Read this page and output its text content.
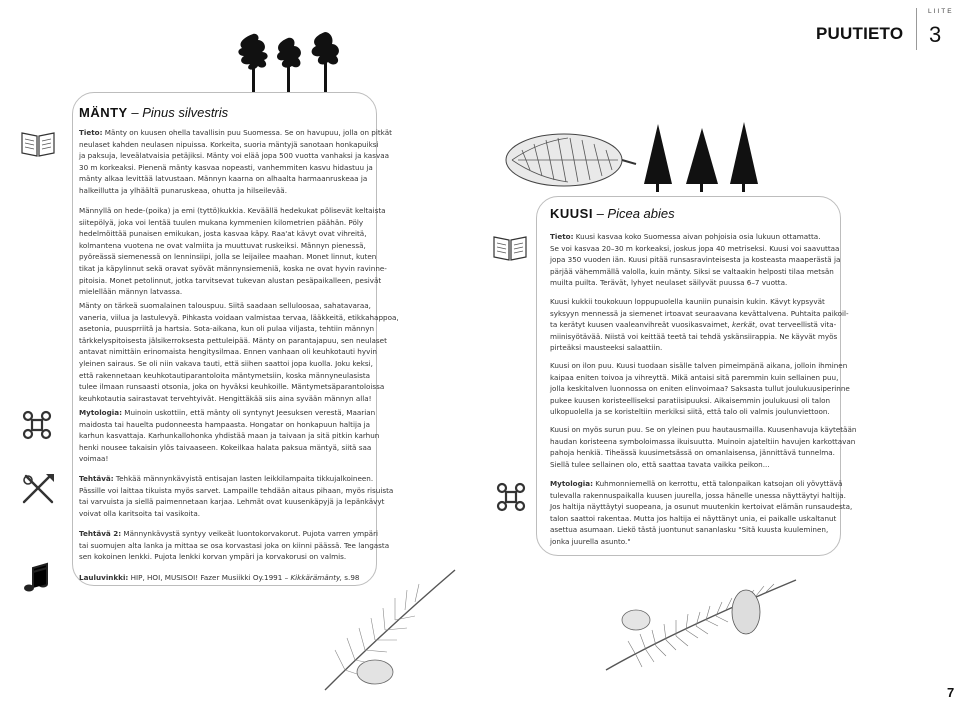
PUUTIETO
LIITE
3
MÄNTY – Pinus silvestris
Tieto: Mänty on kuusen ohella tavallisin puu Suomessa. Se on havupuu, jolla on pitkät
neulaset kahden neulasen nipuissa. Korkeita, suoria mäntyjä sanotaan honkapuiksi
ja paksuja, leveälatvaisia petäjiksi. Mänty voi elää jopa 500 vuotta vanhaksi ja kasvaa
30 m korkeaksi. Pienenä mänty kasvaa nopeasti, vanhemmiten kasvu hidastuu ja
mänty alkaa levittää latvustaan. Männyn kaarna on alhaalta harmaanruskeaa ja
halkeillutta ja ylhäältä punaruskeaa, ohutta ja hilseilevää.
Männyllä on hede-(poika) ja emi (tyttö)kukkia. Keväällä hedekukat pölisevät keltaista
siitepölyä, joka voi lentää tuulen mukana kymmenien kilometrien päähän. Pöly
hedelmöittää punaisen emikukan, josta kasvaa käpy. Raa'at kävyt ovat vihreitä,
kolmantena vuotena ne ovat valmiita ja muuttuvat ruskeiksi. Männyn pienessä,
pyöreässä siemenessä on lenninsiipi, jolla se leijailee maahan. Monet linnut, kuten
tikat ja käpylinnut sekä oravat syövät männynsiemeniä, koska ne ovat hyvin ravinne-
pitoisia. Monet petolinnut, jotka tarvitsevat tukevan alustan pesäpaikalleen, pesivät
mielellään männyn latvassa.
Mänty on tärkeä suomalainen talouspuu. Siitä saadaan selluloosaa, sahatavaraa,
vaneria, viilua ja lastulevyä. Pihkasta voidaan valmistaa tervaa, lääkkeitä, etikkahappoa,
asetonia, puusprriitä ja hartsia. Sota-aikana, kun oli pulaa viljasta, tehtiin männyn
tärkkelyspitoisesta jälsikerroksesta pettuleipää. Mänty on parantajapuu, sen neulaset
antavat nimittäin erinomaista hengitysilmaa. Ennen vanhaan oli keuhkotauti hyvin
yleinen sairaus. Se oli niin vakava tauti, että siihen saattoi jopa kuolla. Joku keksi,
että rakennetaan keuhkotautiparantoloita mäntymetsiin, koska männyneulasista
tulee ilmaan runsaasti otsonia, joka on hyväksi keuhkoille. Mäntymetsäparantoloissa
keuhkotautia sairastavat tervehtyivät. Hengittäkää siis aina syvään männyn alla!
Mytologia: Muinoin uskottiin, että mänty oli syntynyt Jeesuksen verestä, Maarian
maidosta tai hauelta pudonneesta hampaasta. Hongatar on honkapuun haltija ja
karhun kasvattaja. Karhunkallohonka yhdistää maan ja taivaan ja sitä pitkin karhun
henki nousee takaisin ylös taivaaseen. Kokeilkaa halata paksua mäntyä, siitä saa
voimaa!
Tehtävä: Tehkää männynkävyistä entisajan lasten leikkilampaita tikkujalkoineen.
Pässille voi laittaa tikuista myös sarvet. Lampaille tehdään aitaus pihaan, myös risuista
tai varvuista ja siellä paimennetaan karjaa. Lehmät ovat kuusenkäpyjä ja lepänkävyt
voivat olla karitsoita tai vasikoita.
Tehtävä 2: Männynkävystä syntyy veikeät luontokorvakorut. Pujota varren ympäri
tai suomujen alta lanka ja mittaa se osa korvastasi joka on kiinni päässä. Tee langasta
sen kokoinen lenkki. Pujota lenkki korvan ympäri ja korvakorusi on valmis.
Lauluvinkki: HIP, HOI, MUSISOI! Fazer Musiikki Oy.1991 – Kikkärämänty, s.98
KUUSI – Picea abies
Tieto: Kuusi kasvaa koko Suomessa aivan pohjoisia osia lukuun ottamatta.
Se voi kasvaa 20–30 m korkeaksi, joskus jopa 40 metriseksi. Kuusi voi saavuttaa
jopa 350 vuoden iän. Kuusi pitää runsasravinteisesta ja kosteasta maaperästä ja
pärjää vähemmällä valolla, kuin mänty. Siksi se valtaakin helposti tilaa metsän
muilta puilta. Terävät, lyhyet neulaset säilyvät puussa 6–7 vuotta.
Kuusi kukkii toukokuun loppupuolella kauniin punaisin kukin. Kävyt kypsyvät
syksyyn mennessä ja siemenet irtoavat seuraavana kevättalvena. Puhtaita paikoil-
ta kerätyt kuusen vaaleanvihreät vuosikasvaimet, kerkät, ovat terveellistä vita-
miinisyötävää. Niistä voi keittää teetä tai tehdä yskänsiirappia. Ne käyvät myös
pirteäksi mausteeksi salaattiin.
Kuusi on ilon puu. Kuusi tuodaan sisälle talven pimeimpänä aikana, jolloin ihminen
kaipaa eniten toivoa ja vihreyttä. Mikä antaisi sitä paremmin kuin sellainen puu,
jolla keskitalven luonnossa on eniten elinvoimaa? Saksasta tullut joulukuusiperinne
pukee kuusen koristeelliseksi paratiisipuuksi. Aikaisemmin joulukuusi oli talon
ulkopuolella ja se koristeltiin merkiksi siitä, että talo oli valmis joulunviettoon.
Kuusi on myös surun puu. Se on yleinen puu hautausmailla. Kuusenhavuja käytetään
haudan koristeena symboloimassa ikuisuutta. Muinoin ajateltiin havujen karkottavan
pahoja henkiä. Tiheässä kuusimetsässä on omanlaisensa, jännittävä tunnelma.
Siellä tulee sellainen olo, että saattaa tavata vaikka peikon...
Mytologia: Kuhmonniemellä on kerrottu, että talonpaikan katsojan oli yövyttävä
tulevalla rakennuspaikalla kuusen juurella, jossa hänelle unessa näyttäytyi haltija.
Jos haltija näyttäytyi suopeana, ja osunut muutenkin kertoivat elämän runsaudesta,
talon saattoi rakentaa. Mutta jos haltija ei näyttänyt unia, ei paikalle uskaltanut
asettua asumaan. Liekö tästä juontunut sananlasku "Sitä kuusta kuuleminen,
jonka juurella asunto."
7
